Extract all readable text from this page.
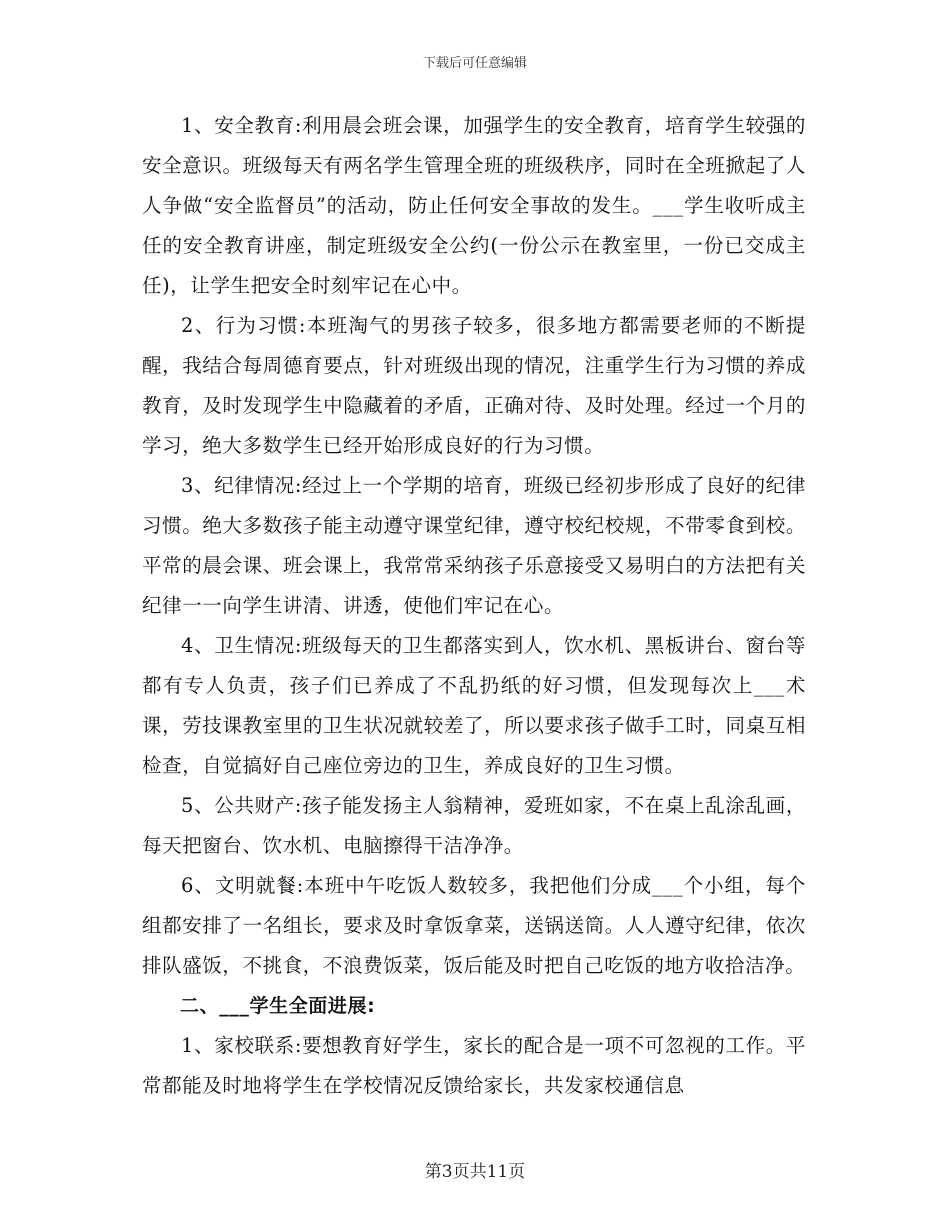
下载后可任意编辑

1、安全教育:利用晨会班会课，加强学生的安全教育，培育学生较强的安全意识。班级每天有两名学生管理全班的班级秩序，同时在全班掀起了人人争做“安全监督员”的活动，防止任何安全事故的发生。___学生收听成主任的安全教育讲座，制定班级安全公约(一份公示在教室里，一份已交成主任)，让学生把安全时刻牢记在心中。

2、行为习惯:本班淘气的男孩子较多，很多地方都需要老师的不断提醒，我结合每周德育要点，针对班级出现的情况，注重学生行为习惯的养成教育，及时发现学生中隐藏着的矛盾，正确对待、及时处理。经过一个月的学习，绝大多数学生已经开始形成良好的行为习惯。

3、纪律情况:经过上一个学期的培育，班级已经初步形成了良好的纪律习惯。绝大多数孩子能主动遵守课堂纪律，遵守校纪校规，不带零食到校。平常的晨会课、班会课上，我常常采纳孩子乐意接受又易明白的方法把有关纪律一一向学生讲清、讲透，使他们牢记在心。

4、卫生情况:班级每天的卫生都落实到人，饮水机、黑板讲台、窗台等都有专人负责，孩子们已养成了不乱扔纸的好习惯，但发现每次上___术课，劳技课教室里的卫生状况就较差了，所以要求孩子做手工时，同桌互相检查，自觉搞好自己座位旁边的卫生，养成良好的卫生习惯。

5、公共财产:孩子能发扬主人翁精神，爱班如家，不在桌上乱涂乱画，每天把窗台、饮水机、电脑擦得干洁净净。

6、文明就餐:本班中午吃饭人数较多，我把他们分成___个小组，每个组都安排了一名组长，要求及时拿饭拿菜，送锅送筒。人人遵守纪律，依次排队盛饭，不挑食，不浪费饭菜，饭后能及时把自己吃饭的地方收拾洁净。

二、___学生全面进展:

1、家校联系:要想教育好学生，家长的配合是一项不可忽视的工作。平常都能及时地将学生在学校情况反馈给家长，共发家校通信息

第3页共11页
